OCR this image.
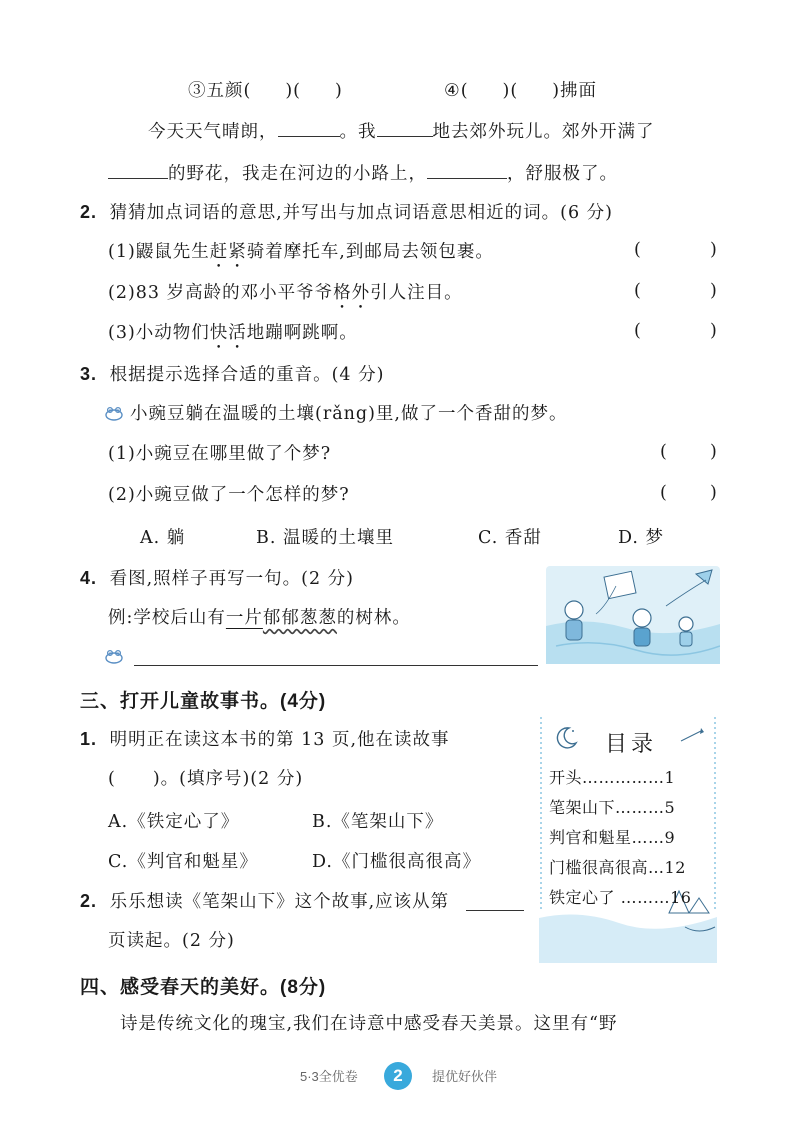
③五颜( )( )	④( )( )拂面
今天天气晴朗，	。我	地去郊外玩儿。郊外开满了
的野花，我走在河边的小路上，	，舒服极了。
2. 猜猜加点词语的意思,并写出与加点词语意思相近的词。(6 分)
(1)鼹鼠先生赶紧骑着摩托车,到邮局去领包裹。	(	)
(2)83 岁高龄的邓小平爷爷格外引人注目。	(	)
(3)小动物们快活地蹦啊跳啊。	(	)
3. 根据提示选择合适的重音。(4 分)
小豌豆躺在温暖的土壤(rǎng)里,做了一个香甜的梦。
(1)小豌豆在哪里做了个梦?	( )
(2)小豌豆做了一个怎样的梦?	( )
A. 躺	B. 温暖的土壤里	C. 香甜	D. 梦
4. 看图,照样子再写一句。(2 分)
例:学校后山有一片郁郁葱葱的树林。
三、打开儿童故事书。(4分)
1. 明明正在读这本书的第 13 页,他在读故事
(　　)。(填序号)(2 分)
A.《铁定心了》	B.《笔架山下》
C.《判官和魁星》	D.《门槛很高很高》
2. 乐乐想读《笔架山下》这个故事,应该从第
页读起。(2 分)
目录
开头……………1
笔架山下………5
判官和魁星……9
门槛很高很高…12
铁定心了 ………16
四、感受春天的美好。(8分)
诗是传统文化的瑰宝,我们在诗意中感受春天美景。这里有“野
5·3全优卷	2	提优好伙伴
